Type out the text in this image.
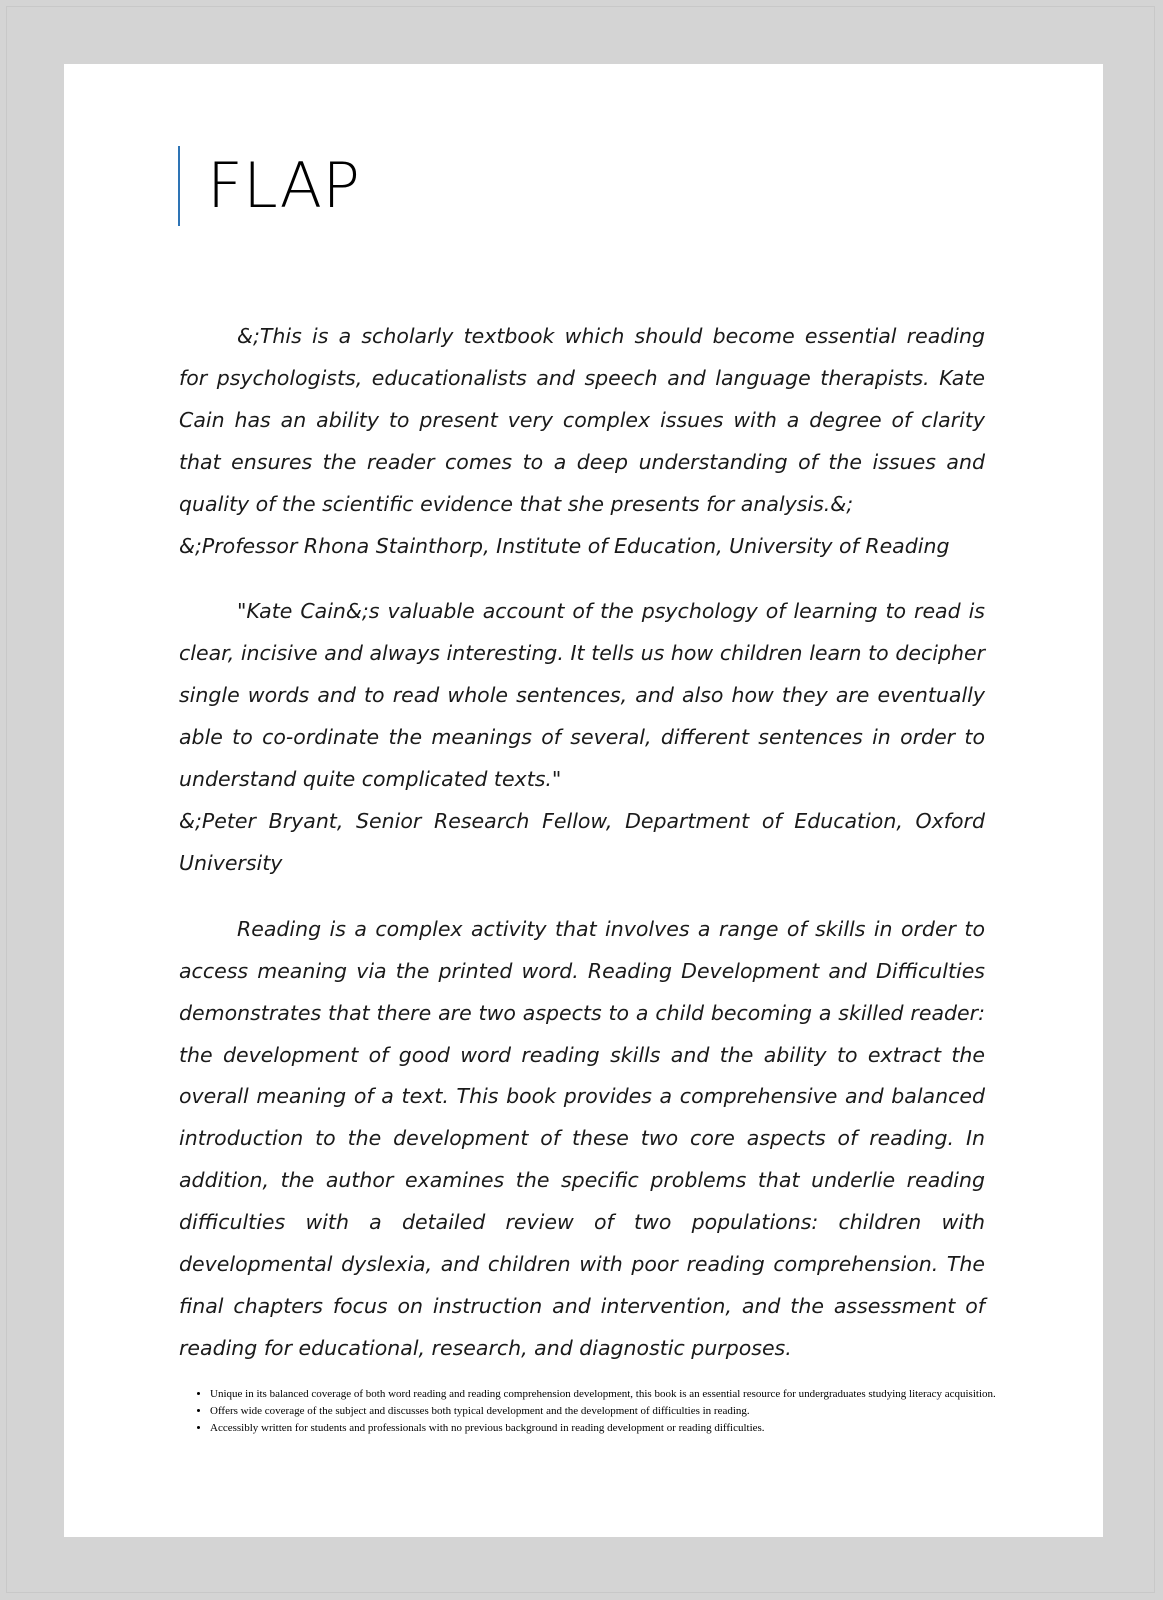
FLAP

&;This is a scholarly textbook which should become essential reading for psychologists, educationalists and speech and language therapists. Kate Cain has an ability to present very complex issues with a degree of clarity that ensures the reader comes to a deep understanding of the issues and quality of the scientific evidence that she presents for analysis.&;

&;Professor Rhona Stainthorp, Institute of Education, University of Reading

"Kate Cain&;s valuable account of the psychology of learning to read is clear, incisive and always interesting. It tells us how children learn to decipher single words and to read whole sentences, and also how they are eventually able to co-ordinate the meanings of several, different sentences in order to understand quite complicated texts."

&;Peter Bryant, Senior Research Fellow, Department of Education, Oxford University

Reading is a complex activity that involves a range of skills in order to access meaning via the printed word. Reading Development and Difficulties demonstrates that there are two aspects to a child becoming a skilled reader: the development of good word reading skills and the ability to extract the overall meaning of a text. This book provides a comprehensive and balanced introduction to the development of these two core aspects of reading. In addition, the author examines the specific problems that underlie reading difficulties with a detailed review of two populations: children with developmental dyslexia, and children with poor reading comprehension. The final chapters focus on instruction and intervention, and the assessment of reading for educational, research, and diagnostic purposes.

• Unique in its balanced coverage of both word reading and reading comprehension development, this book is an essential resource for undergraduates studying literacy acquisition.
• Offers wide coverage of the subject and discusses both typical development and the development of difficulties in reading.
• Accessibly written for students and professionals with no previous background in reading development or reading difficulties.
